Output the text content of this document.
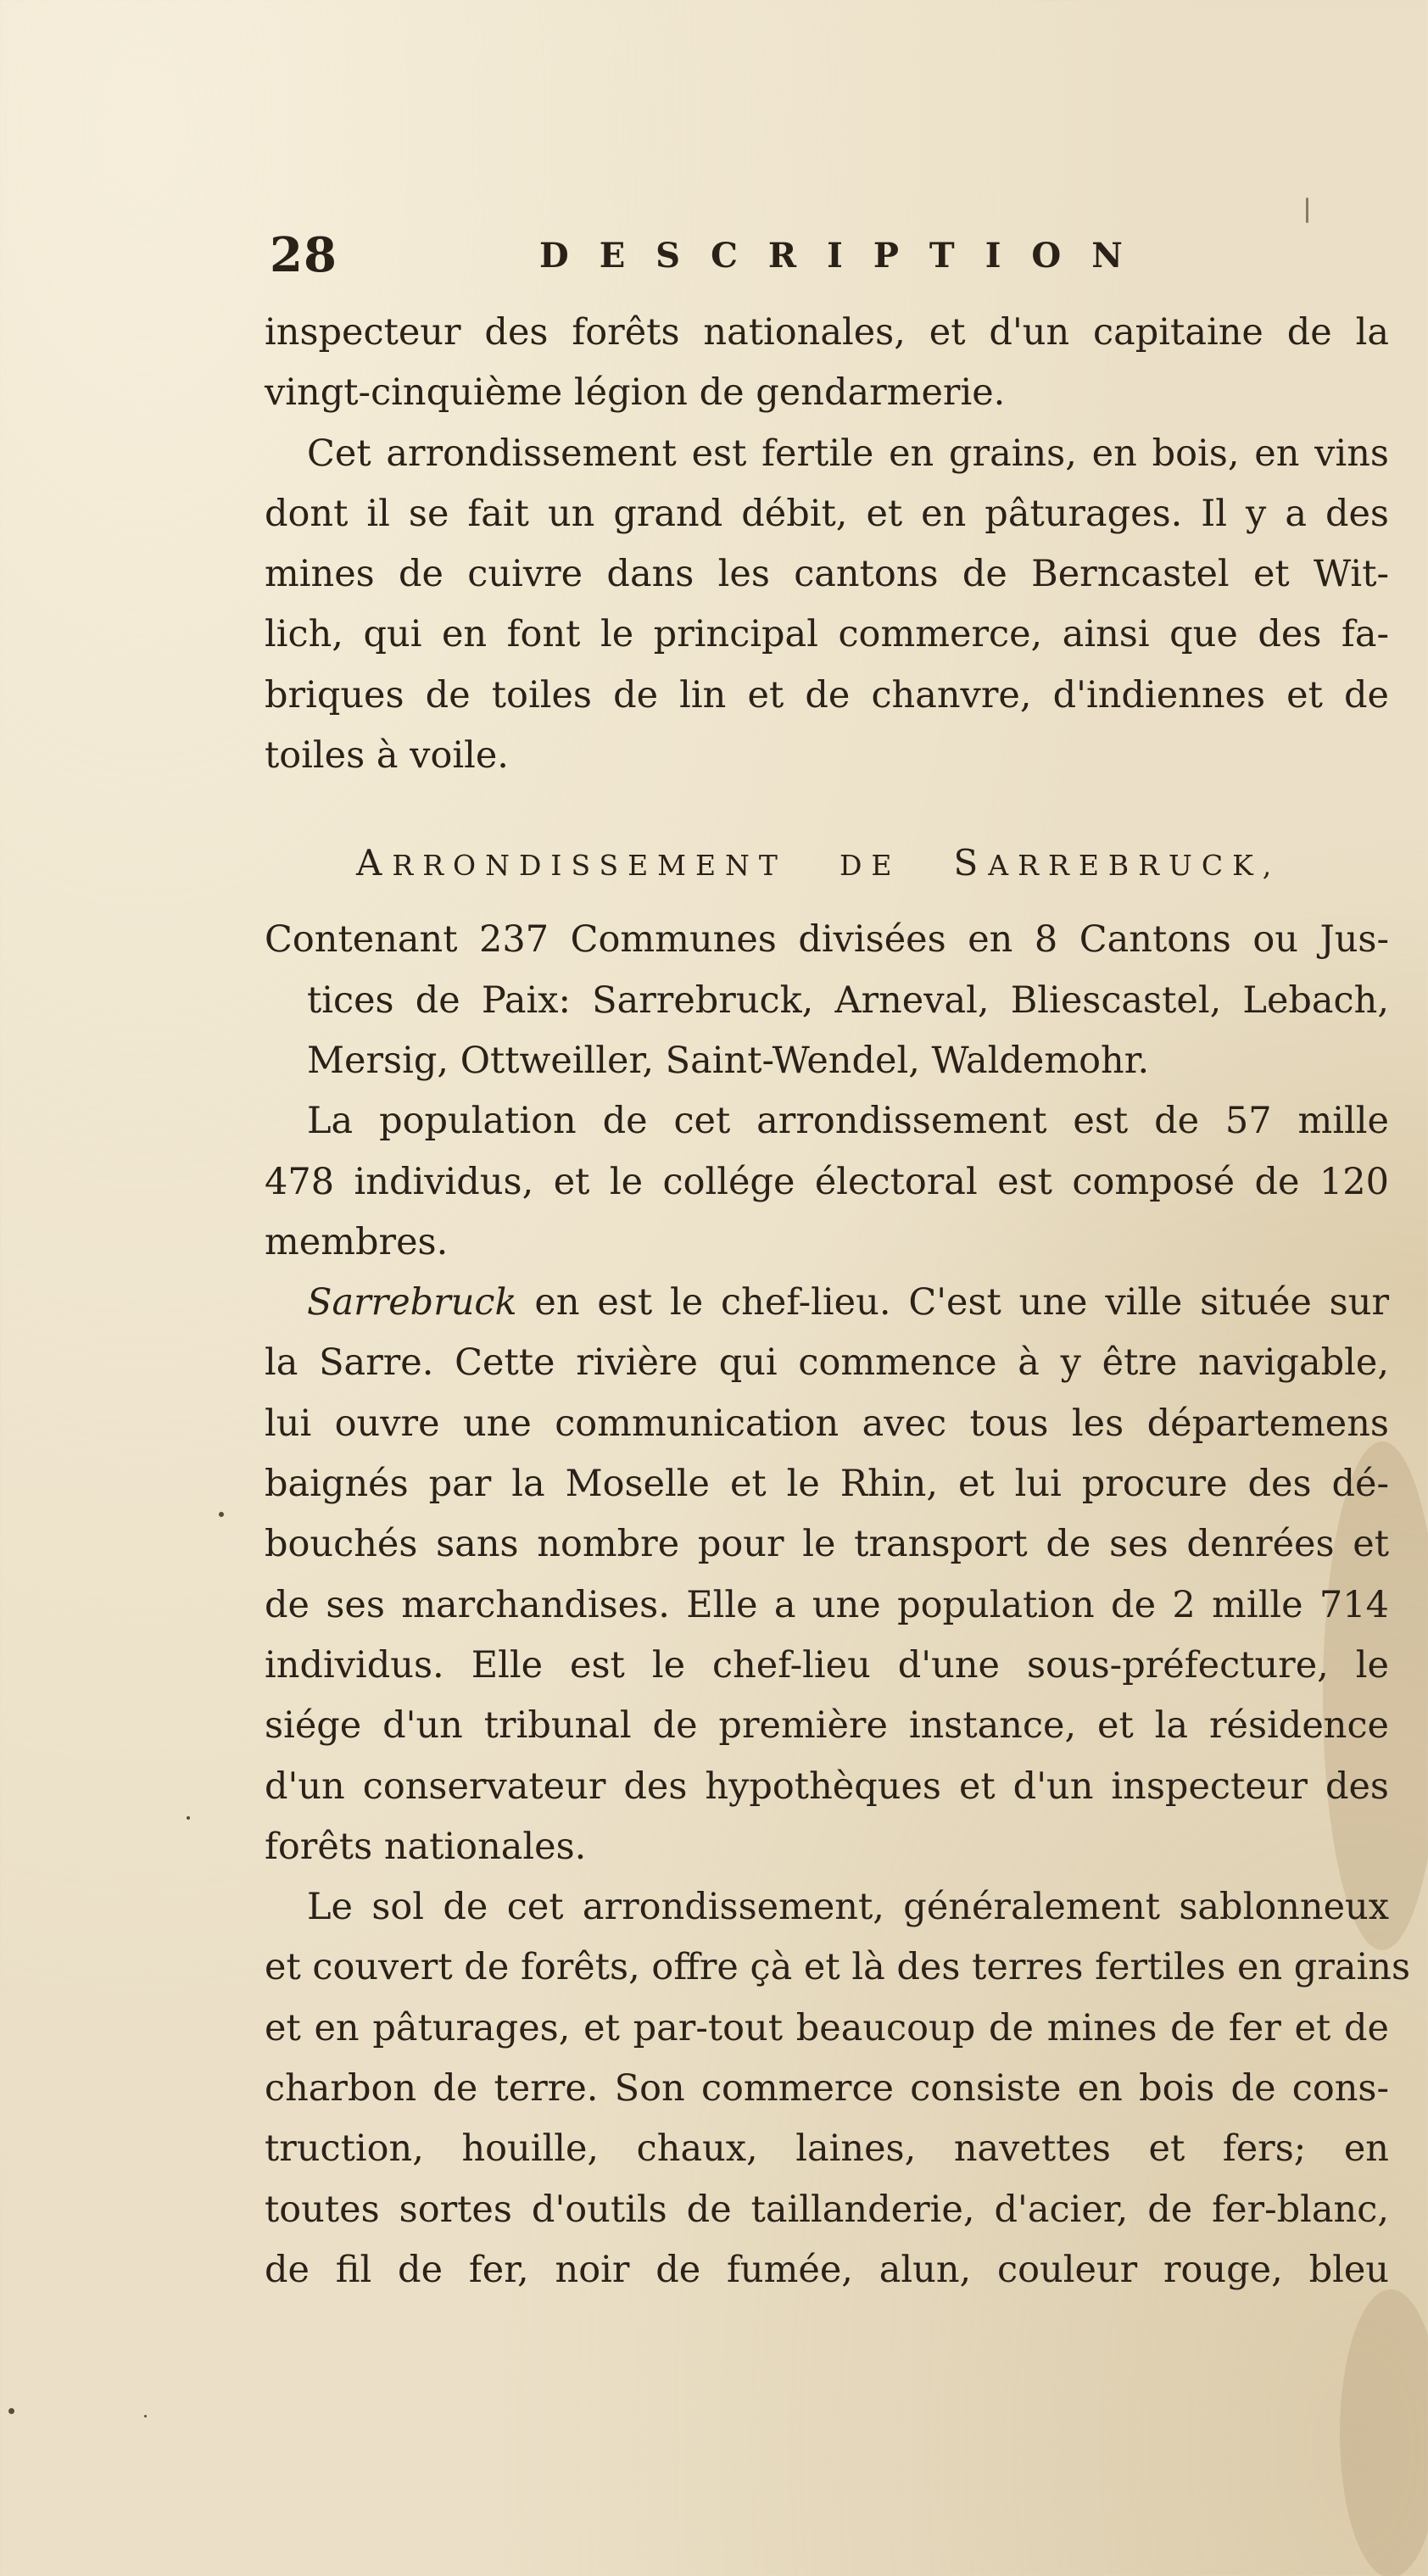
28	DESCRIPTION
inspecteur des forêts nationales, et d'un capitaine de la
vingt-cinquième légion de gendarmerie.
Cet arrondissement est fertile en grains, en bois, en vins
dont il se fait un grand débit, et en pâturages. Il y a des
mines de cuivre dans les cantons de Berncastel et Wit-
lich, qui en font le principal commerce, ainsi que des fa-
briques de toiles de lin et de chanvre, d'indiennes et de
toiles à voile.
ARRONDISSEMENT DE SARREBRUCK,
Contenant 237 Communes divisées en 8 Cantons ou Jus-
tices de Paix: Sarrebruck, Arneval, Bliescastel, Lebach,
Mersig, Ottweiller, Saint-Wendel, Waldemohr.
La population de cet arrondissement est de 57 mille
478 individus, et le collége électoral est composé de 120
membres.
Sarrebruck en est le chef-lieu. C'est une ville située sur
la Sarre. Cette rivière qui commence à y être navigable,
lui ouvre une communication avec tous les départemens
baignés par la Moselle et le Rhin, et lui procure des dé-
bouchés sans nombre pour le transport de ses denrées et
de ses marchandises. Elle a une population de 2 mille 714
individus. Elle est le chef-lieu d'une sous-préfecture, le
siége d'un tribunal de première instance, et la résidence
d'un conservateur des hypothèques et d'un inspecteur des
forêts nationales.
Le sol de cet arrondissement, généralement sablonneux
et couvert de forêts, offre çà et là des terres fertiles en grains
et en pâturages, et par-tout beaucoup de mines de fer et de
charbon de terre. Son commerce consiste en bois de cons-
truction, houille, chaux, laines, navettes et fers; en
toutes sortes d'outils de taillanderie, d'acier, de fer-blanc,
de fil de fer, noir de fumée, alun, couleur rouge, bleu
